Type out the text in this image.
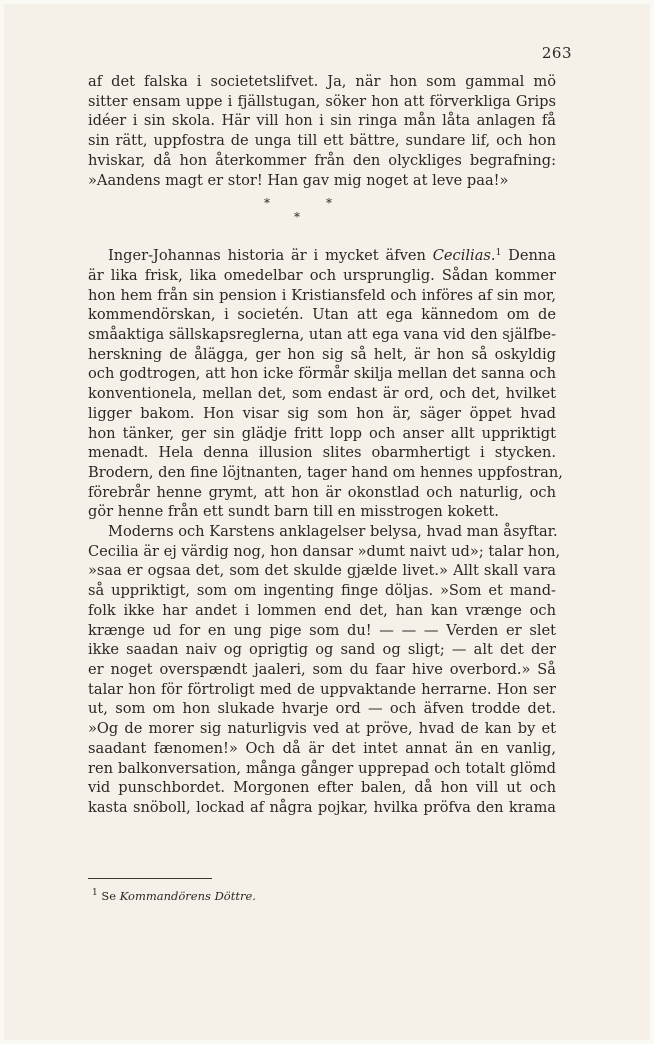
263
af det falska i societetslifvet. Ja, när hon som gammal mö
sitter ensam uppe i fjällstugan, söker hon att förverkliga Grips
idéer i sin skola. Här vill hon i sin ringa mån låta anlagen få
sin rätt, uppfostra de unga till ett bättre, sundare lif, och hon
hviskar, då hon återkommer från den olyckliges begrafning:
»Aandens magt er stor! Han gav mig noget at leve paa!»
*
*
*
Inger-Johannas historia är i mycket äfven Cecilias.$^1$ Denna
är lika frisk, lika omedelbar och ursprunglig. Sådan kommer
hon hem från sin pension i Kristiansfeld och införes af sin mor,
kommendörskan, i societén. Utan att ega kännedom om de
småaktiga sällskapsreglerna, utan att ega vana vid den själfbe-
herskning de ålägga, ger hon sig så helt, är hon så oskyldig
och godtrogen, att hon icke förmår skilja mellan det sanna och
konventionela, mellan det, som endast är ord, och det, hvilket
ligger bakom. Hon visar sig som hon är, säger öppet hvad
hon tänker, ger sin glädje fritt lopp och anser allt uppriktigt
menadt. Hela denna illusion slites obarmhertigt i stycken.
Brodern, den fine löjtnanten, tager hand om hennes uppfostran,
förebrår henne grymt, att hon är okonstlad och naturlig, och
gör henne från ett sundt barn till en misstrogen kokett.
Moderns och Karstens anklagelser belysa, hvad man åsyftar.
Cecilia är ej värdig nog, hon dansar »dumt naivt ud»; talar hon,
»saa er ogsaa det, som det skulde gjælde livet.» Allt skall vara
så uppriktigt, som om ingenting finge döljas. »Som et mand-
folk ikke har andet i lommen end det, han kan vrænge och
krænge ud for en ung pige som du! — — — Verden er slet
ikke saadan naiv og oprigtig og sand og sligt; — alt det der
er noget overspændt jaaleri, som du faar hive overbord.» Så
talar hon för förtroligt med de uppvaktande herrarne. Hon ser
ut, som om hon slukade hvarje ord — och äfven trodde det.
»Og de morer sig naturligvis ved at pröve, hvad de kan by et
saadant fænomen!» Och då är det intet annat än en vanlig,
ren balkonversation, många gånger upprepad och totalt glömd
vid punschbordet. Morgonen efter balen, då hon vill ut och
kasta snöboll, lockad af några pojkar, hvilka pröfva den krama
$^1$ Se Kommandörens Döttre.
